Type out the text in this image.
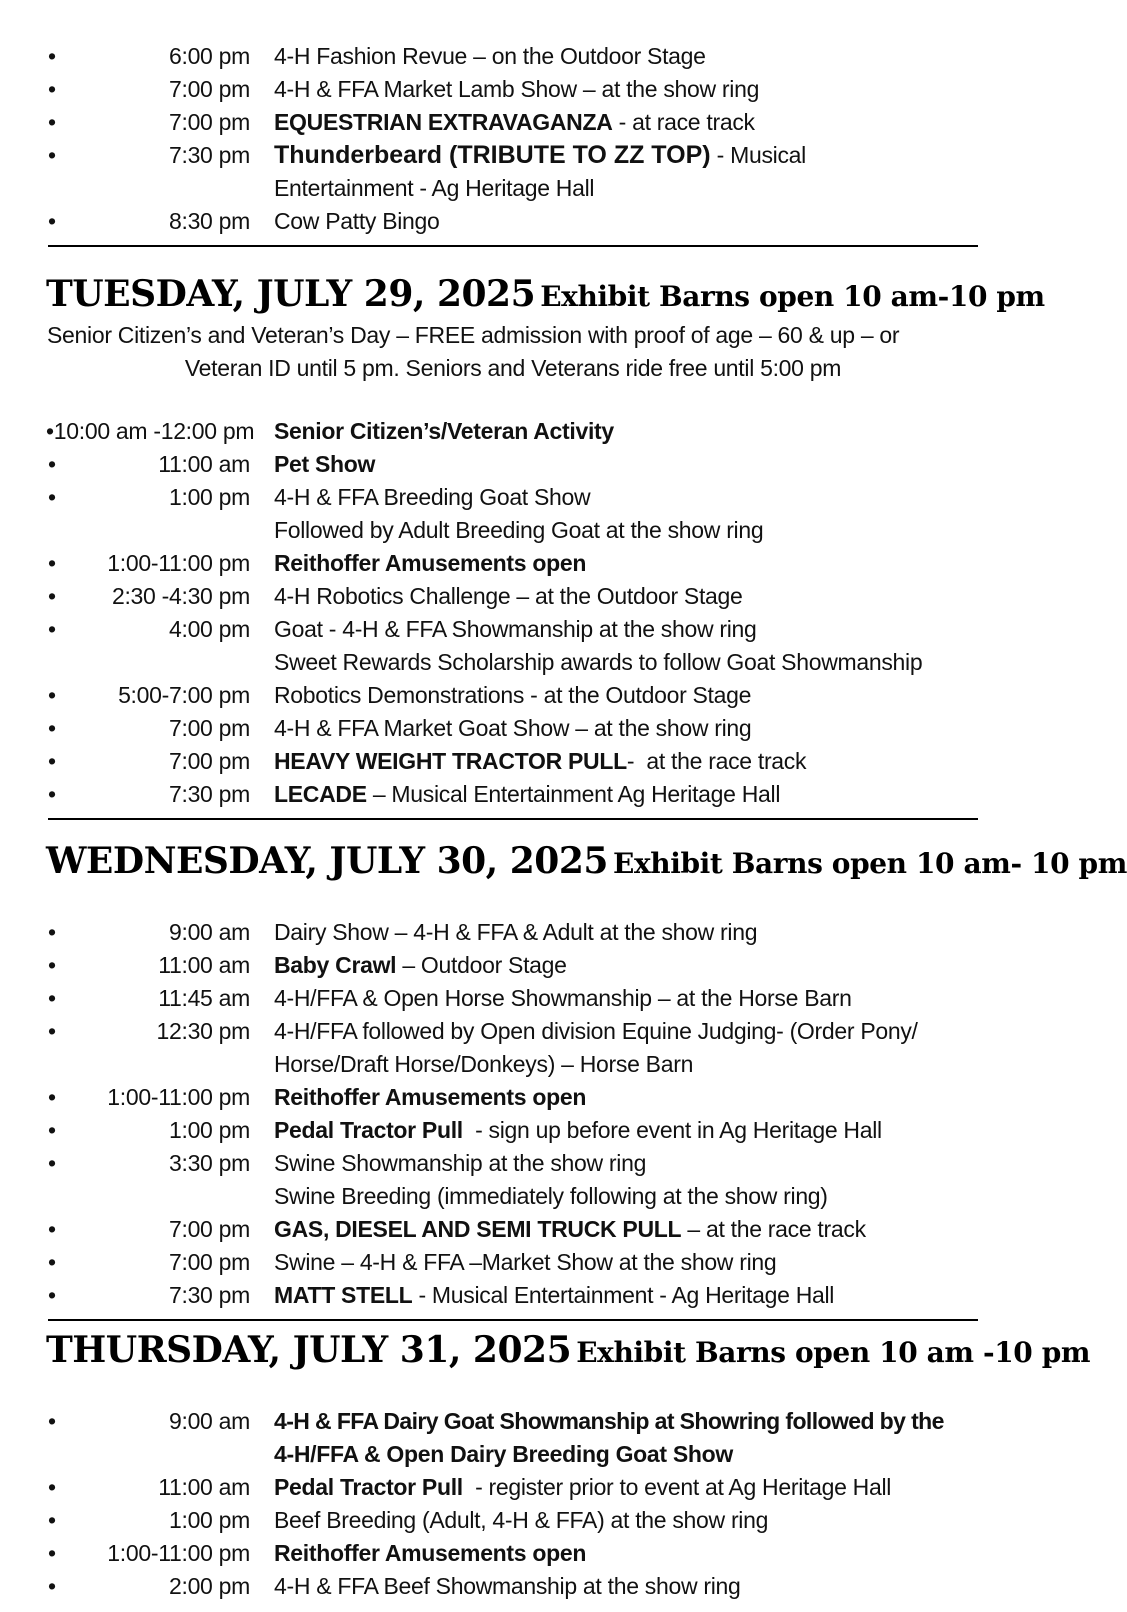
•	6:00 pm 4-H Fashion Revue – on the Outdoor Stage
•	7:00 pm 4-H & FFA Market Lamb Show – at the show ring
•	7:00 pm EQUESTRIAN EXTRAVAGANZA - at race track
•	7:30 pm Thunderbeard (TRIBUTE TO ZZ TOP) - Musical
Entertainment - Ag Heritage Hall
•	8:30 pm Cow Patty Bingo
TUESDAY, JULY 29, 2025 Exhibit Barns open 10 am-10 pm
Senior Citizen’s and Veteran’s Day – FREE admission with proof of age – 60 & up – or
Veteran ID until 5 pm. Seniors and Veterans ride free until 5:00 pm
•10:00 am -12:00 pm Senior Citizen’s/Veteran Activity
•	11:00 am Pet Show
•	1:00 pm 4-H & FFA Breeding Goat Show
Followed by Adult Breeding Goat at the show ring
• 1:00-11:00 pm Reithoffer Amusements open
• 2:30 -4:30 pm 4-H Robotics Challenge – at the Outdoor Stage
•	4:00 pm Goat - 4-H & FFA Showmanship at the show ring
Sweet Rewards Scholarship awards to follow Goat Showmanship
•	5:00-7:00 pm Robotics Demonstrations - at the Outdoor Stage
•	7:00 pm 4-H & FFA Market Goat Show – at the show ring
•	7:00 pm HEAVY WEIGHT TRACTOR PULL-  at the race track
•	7:30 pm LECADE – Musical Entertainment Ag Heritage Hall
WEDNESDAY, JULY 30, 2025 Exhibit Barns open 10 am- 10 pm
•	9:00 am Dairy Show – 4-H & FFA & Adult at the show ring
•	11:00 am Baby Crawl – Outdoor Stage
•	11:45 am 4-H/FFA & Open Horse Showmanship – at the Horse Barn
•	12:30 pm 4-H/FFA followed by Open division Equine Judging- (Order Pony/
Horse/Draft Horse/Donkeys) – Horse Barn
• 1:00-11:00 pm Reithoffer Amusements open
•	1:00 pm Pedal Tractor Pull  - sign up before event in Ag Heritage Hall
•	3:30 pm Swine Showmanship at the show ring
Swine Breeding (immediately following at the show ring)
•	7:00 pm GAS, DIESEL AND SEMI TRUCK PULL – at the race track
•	7:00 pm Swine – 4-H & FFA –Market Show at the show ring
•	7:30 pm MATT STELL - Musical Entertainment - Ag Heritage Hall
THURSDAY, JULY 31, 2025 Exhibit Barns open 10 am -10 pm
•	9:00 am 4-H & FFA Dairy Goat Showmanship at Showring followed by the
4-H/FFA & Open Dairy Breeding Goat Show
•	11:00 am Pedal Tractor Pull  - register prior to event at Ag Heritage Hall
•	1:00 pm Beef Breeding (Adult, 4-H & FFA) at the show ring
• 1:00-11:00 pm Reithoffer Amusements open
•	2:00 pm 4-H & FFA Beef Showmanship at the show ring
